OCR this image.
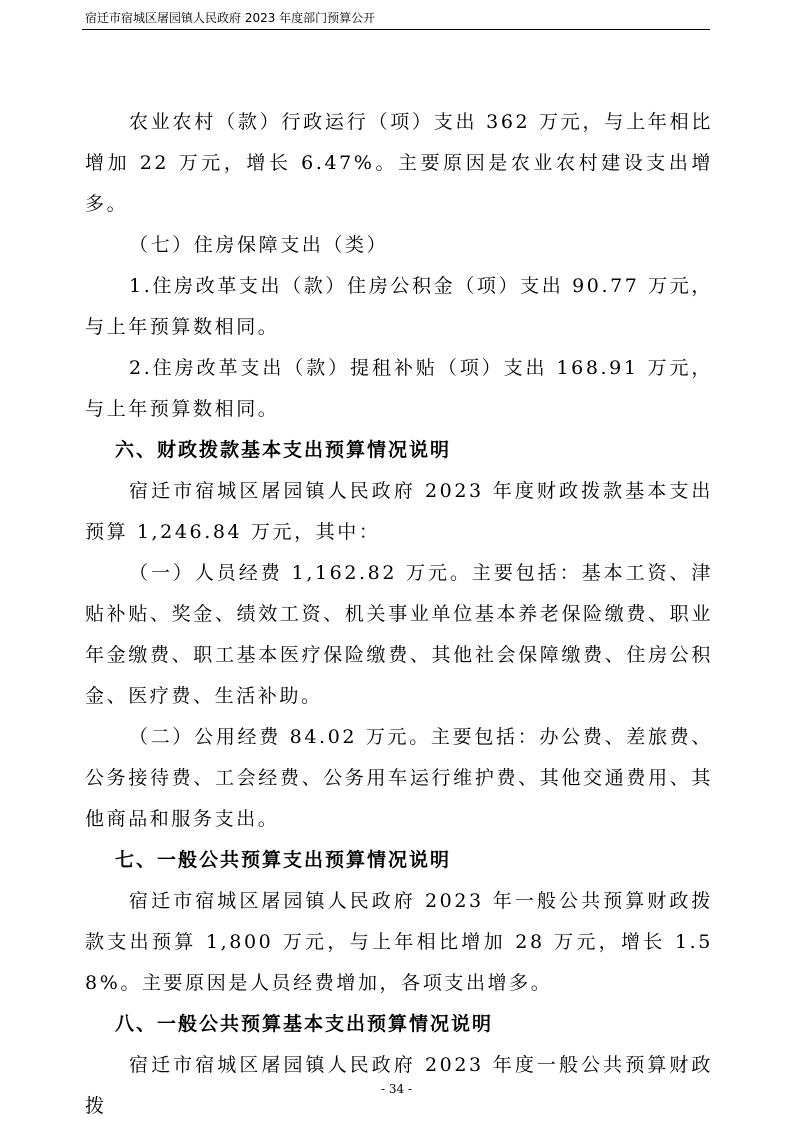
宿迁市宿城区屠园镇人民政府 2023 年度部门预算公开

农业农村（款）行政运行（项）支出 362 万元，与上年相比增加 22 万元，增长 6.47%。主要原因是农业农村建设支出增多。

（七）住房保障支出（类）

1.住房改革支出（款）住房公积金（项）支出 90.77 万元，与上年预算数相同。

2.住房改革支出（款）提租补贴（项）支出 168.91 万元，与上年预算数相同。

六、财政拨款基本支出预算情况说明

宿迁市宿城区屠园镇人民政府 2023 年度财政拨款基本支出预算 1,246.84 万元，其中：

（一）人员经费 1,162.82 万元。主要包括：基本工资、津贴补贴、奖金、绩效工资、机关事业单位基本养老保险缴费、职业年金缴费、职工基本医疗保险缴费、其他社会保障缴费、住房公积金、医疗费、生活补助。

（二）公用经费 84.02 万元。主要包括：办公费、差旅费、公务接待费、工会经费、公务用车运行维护费、其他交通费用、其他商品和服务支出。

七、一般公共预算支出预算情况说明

宿迁市宿城区屠园镇人民政府 2023 年一般公共预算财政拨款支出预算 1,800 万元，与上年相比增加 28 万元，增长 1.58%。主要原因是人员经费增加，各项支出增多。

八、一般公共预算基本支出预算情况说明

宿迁市宿城区屠园镇人民政府 2023 年度一般公共预算财政拨

- 34 -
